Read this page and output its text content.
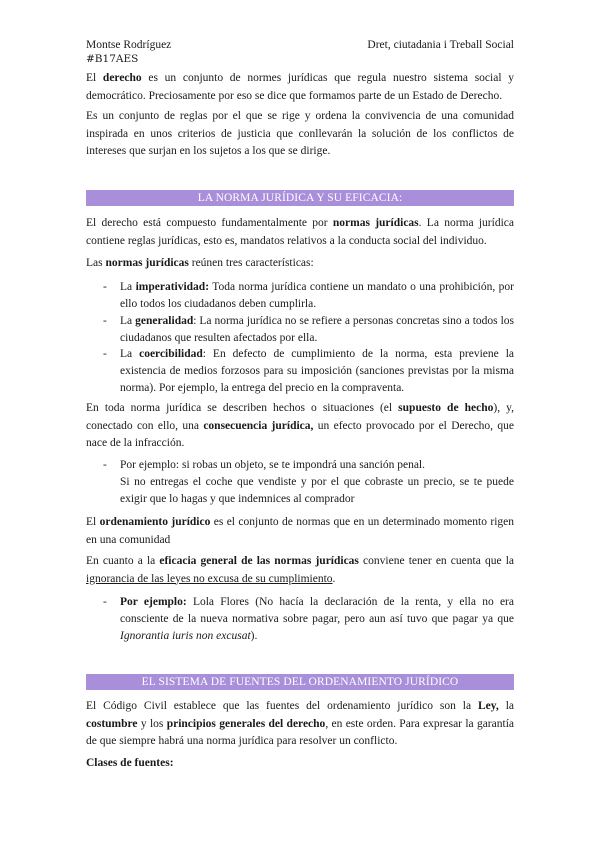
Montse Rodríguez
#B17AES
Dret, ciutadania i Treball Social
El derecho es un conjunto de normes jurídicas que regula nuestro sistema social y democrático. Preciosamente por eso se dice que formamos parte de un Estado de Derecho.
Es un conjunto de reglas por el que se rige y ordena la convivencia de una comunidad inspirada en unos criterios de justicia que conllevarán la solución de los conflictos de intereses que surjan en los sujetos a los que se dirige.
LA NORMA JURÍDICA Y SU EFICACIA:
El derecho está compuesto fundamentalmente por normas jurídicas. La norma jurídica contiene reglas jurídicas, esto es, mandatos relativos a la conducta social del individuo.
Las normas jurídicas reúnen tres características:
- La imperatividad: Toda norma jurídica contiene un mandato o una prohibición, por ello todos los ciudadanos deben cumplirla.
- La generalidad: La norma jurídica no se refiere a personas concretas sino a todos los ciudadanos que resulten afectados por ella.
- La coercibilidad: En defecto de cumplimiento de la norma, esta previene la existencia de medios forzosos para su imposición (sanciones previstas por la misma norma). Por ejemplo, la entrega del precio en la compraventa.
En toda norma jurídica se describen hechos o situaciones (el supuesto de hecho), y, conectado con ello, una consecuencia jurídica, un efecto provocado por el Derecho, que nace de la infracción.
- Por ejemplo: si robas un objeto, se te impondrá una sanción penal.
Si no entregas el coche que vendiste y por el que cobraste un precio, se te puede exigir que lo hagas y que indemnices al comprador
El ordenamiento jurídico es el conjunto de normas que en un determinado momento rigen en una comunidad
En cuanto a la eficacia general de las normas jurídicas conviene tener en cuenta que la ignorancia de las leyes no excusa de su cumplimiento.
- Por ejemplo: Lola Flores (No hacía la declaración de la renta, y ella no era consciente de la nueva normativa sobre pagar, pero aun así tuvo que pagar ya que Ignorantia iuris non excusat).
EL SISTEMA DE FUENTES DEL ORDENAMIENTO JURÍDICO
El Código Civil establece que las fuentes del ordenamiento jurídico son la Ley, la costumbre y los principios generales del derecho, en este orden. Para expresar la garantía de que siempre habrá una norma jurídica para resolver un conflicto.
Clases de fuentes:
